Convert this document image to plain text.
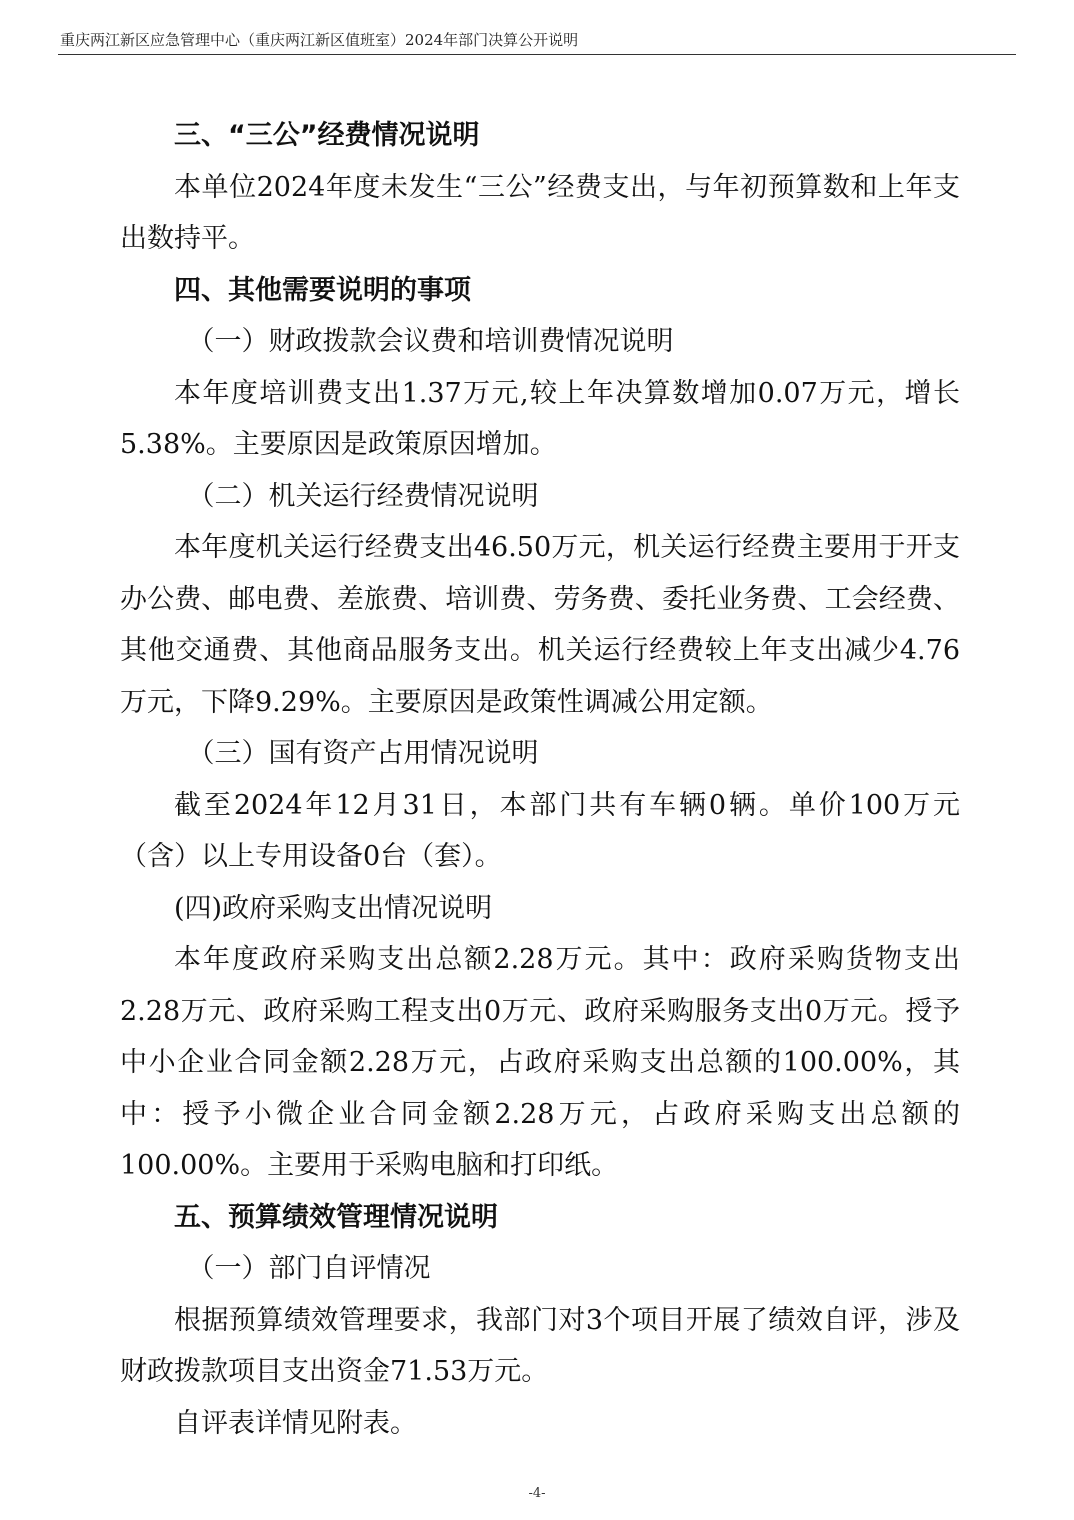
重庆两江新区应急管理中心（重庆两江新区值班室）2024年部门决算公开说明

三、“三公”经费情况说明

本单位2024年度未发生“三公”经费支出，与年初预算数和上年支出数持平。

四、其他需要说明的事项

（一）财政拨款会议费和培训费情况说明

本年度培训费支出1.37万元,较上年决算数增加0.07万元，增长5.38%。主要原因是政策原因增加。

（二）机关运行经费情况说明

本年度机关运行经费支出46.50万元，机关运行经费主要用于开支办公费、邮电费、差旅费、培训费、劳务费、委托业务费、工会经费、其他交通费、其他商品服务支出。机关运行经费较上年支出减少4.76万元，下降9.29%。主要原因是政策性调减公用定额。

（三）国有资产占用情况说明

截至2024年12月31日，本部门共有车辆0辆。单价100万元（含）以上专用设备0台（套）。

(四)政府采购支出情况说明

本年度政府采购支出总额2.28万元。其中：政府采购货物支出2.28万元、政府采购工程支出0万元、政府采购服务支出0万元。授予中小企业合同金额2.28万元，占政府采购支出总额的100.00%，其中：授予小微企业合同金额2.28万元，占政府采购支出总额的100.00%。主要用于采购电脑和打印纸。

五、预算绩效管理情况说明

（一）部门自评情况

根据预算绩效管理要求，我部门对3个项目开展了绩效自评，涉及财政拨款项目支出资金71.53万元。

自评表详情见附表。

-4-
